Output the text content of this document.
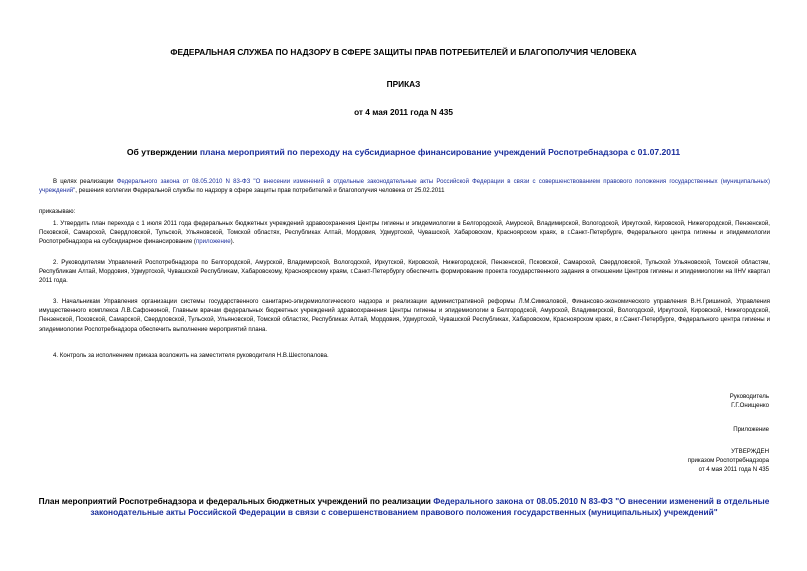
ФЕДЕРАЛЬНАЯ СЛУЖБА ПО НАДЗОРУ В СФЕРЕ ЗАЩИТЫ ПРАВ ПОТРЕБИТЕЛЕЙ И БЛАГОПОЛУЧИЯ ЧЕЛОВЕКА
ПРИКАЗ
от 4 мая 2011 года N 435
Об утверждении плана мероприятий по переходу на субсидиарное финансирование учреждений Роспотребнадзора с 01.07.2011
В целях реализации Федерального закона от 08.05.2010 N 83-ФЗ "О внесении изменений в отдельные законодательные акты Российской Федерации в связи с совершенствованием правового положения государственных (муниципальных) учреждений", решения коллегии Федеральной службы по надзору в сфере защиты прав потребителей и благополучия человека от 25.02.2011
приказываю:
1. Утвердить план перехода с 1 июля 2011 года федеральных бюджетных учреждений здравоохранения Центры гигиены и эпидемиологии в Белгородской, Амурской, Владимирской, Вологодской, Иркутской, Кировской, Нижегородской, Пензенской, Псковской, Самарской, Свердловской, Тульской, Ульяновской, Томской областях, Республиках Алтай, Мордовия, Удмуртской, Чувашской, Хабаровском, Красноярском краях, в г.Санкт-Петербурге, Федерального центра гигиены и эпидемиологии Роспотребнадзора на субсидиарное финансирование (приложение).
2. Руководителям Управлений Роспотребнадзора по Белгородской, Амурской, Владимирской, Вологодской, Иркутской, Кировской, Нижегородской, Пензенской, Псковской, Самарской, Свердловской, Тульской Ульяновской, Томской областям, Республикам Алтай, Мордовия, Удмуртской, Чувашской Республикам, Хабаровскому, Красноярскому краям, г.Санкт-Петербургу обеспечить формирование проекта государственного задания в отношении Центров гигиены и эпидемиологии на IIНV квартал 2011 года.
3. Начальникам Управления организации системы государственного санитарно-эпидемиологического надзора и реализации административной реформы Л.М.Симкаловой, Финансово-экономического управления В.Н.Гришиной, Управления имущественного комплекса Л.В.Сафонкиной, Главным врачам федеральных бюджетных учреждений здравоохранения Центры гигиены и эпидемиологии в Белгородской, Амурской, Владимирской, Вологодской, Иркутской, Кировской, Нижегородской, Пензенской, Псковской, Самарской, Свердловской, Тульской, Ульяновской, Томской областях, Республиках Алтай, Мордовия, Удмуртской, Чувашской Республиках, Хабаровском, Красноярском краях, в г.Санкт-Петербурге, Федерального центра гигиены и эпидемиологии Роспотребнадзора обеспечить выполнение мероприятий плана.
4. Контроль за исполнением приказа возложить на заместителя руководителя Н.В.Шестопалова.
Руководитель
Г.Г.Онищенко
Приложение
УТВЕРЖДЕН
приказом Роспотребнадзора
от 4 мая 2011 года N 435
План мероприятий Роспотребнадзора и федеральных бюджетных учреждений по реализации Федерального закона от 08.05.2010 N 83-ФЗ "О внесении изменений в отдельные законодательные акты Российской Федерации в связи с совершенствованием правового положения государственных (муниципальных) учреждений"
